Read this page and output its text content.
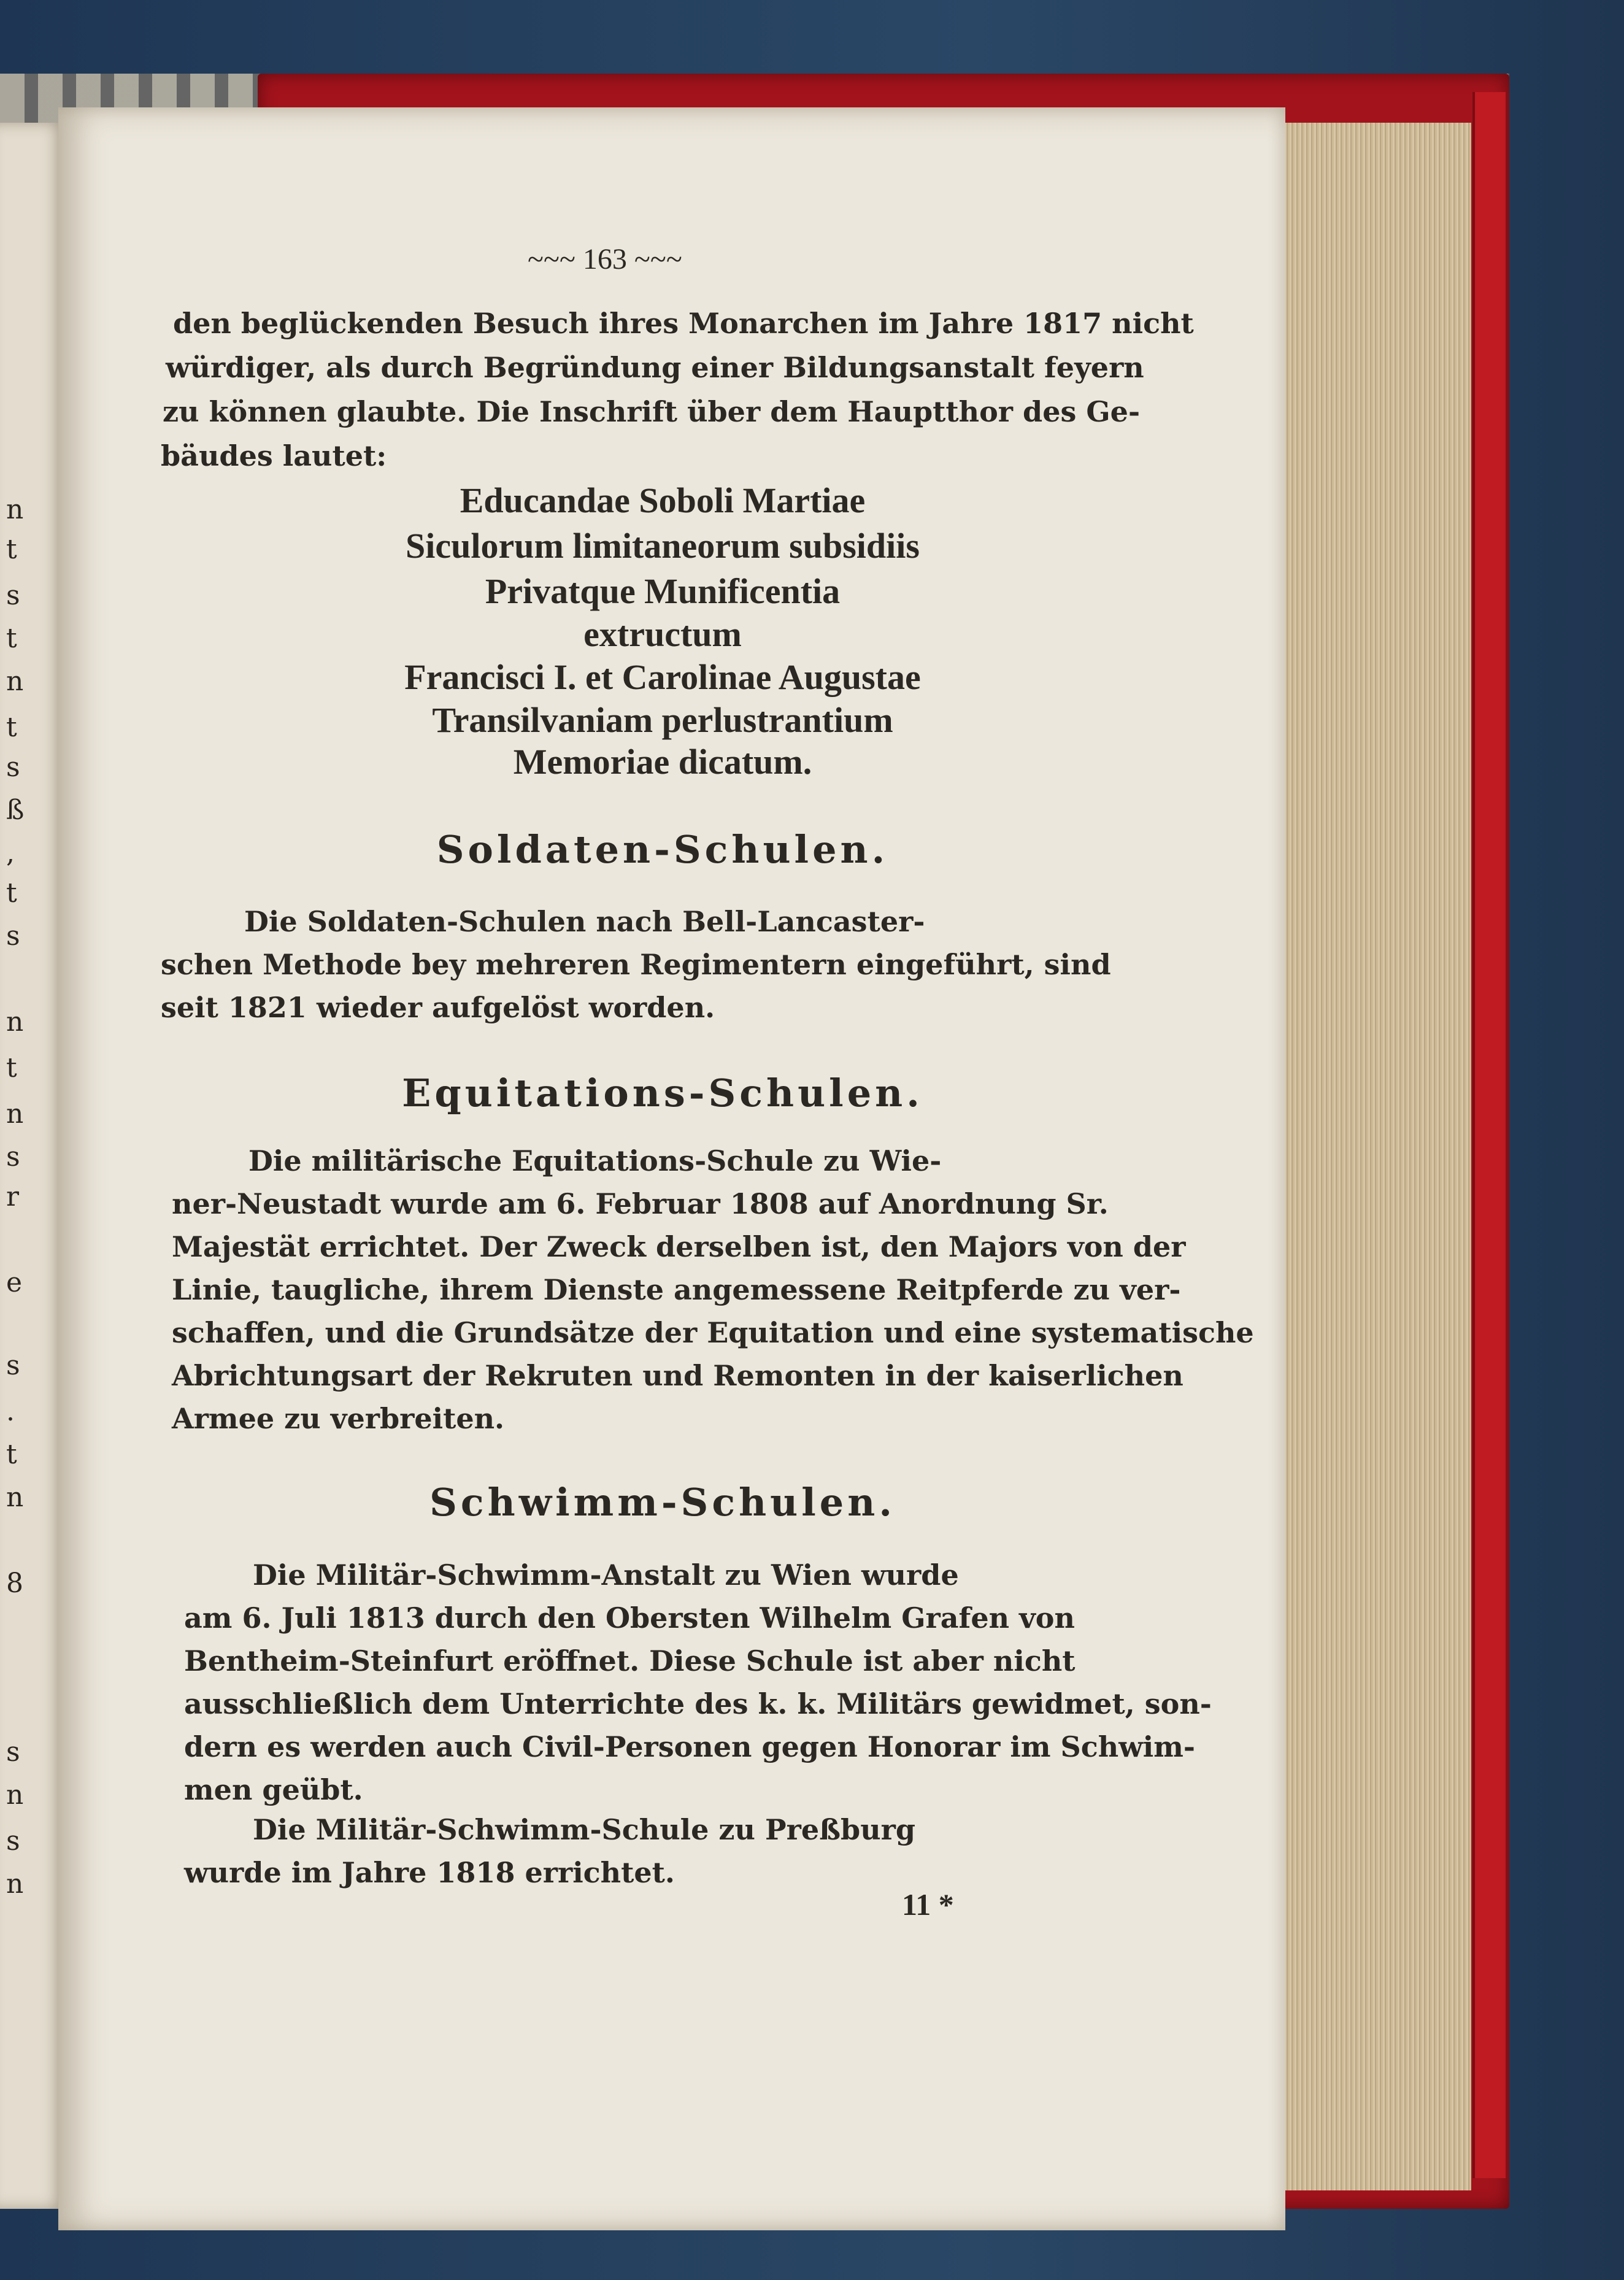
n
t
s
t
n
t
s
ß
,
t
s
n
t
n
s
r
e
s
.
t
n
8
s
n
s
n
~~~ 163 ~~~
den beglückenden Besuch ihres Monarchen im Jahre 1817 nicht
würdiger, als durch Begründung einer Bildungsanstalt feyern
zu können glaubte. Die Inschrift über dem Hauptthor des Ge-
bäudes lautet:
Educandae Soboli Martiae
Siculorum limitaneorum subsidiis
Privatque Munificentia
extructum
Francisci I. et Carolinae Augustae
Transilvaniam perlustrantium
Memoriae dicatum.
Soldaten-Schulen.
Die Soldaten-Schulen nach Bell-Lancaster-
schen Methode bey mehreren Regimentern eingeführt, sind
seit 1821 wieder aufgelöst worden.
Equitations-Schulen.
Die militärische Equitations-Schule zu Wie-
ner-Neustadt wurde am 6. Februar 1808 auf Anordnung Sr.
Majestät errichtet. Der Zweck derselben ist, den Majors von der
Linie, taugliche, ihrem Dienste angemessene Reitpferde zu ver-
schaffen, und die Grundsätze der Equitation und eine systematische
Abrichtungsart der Rekruten und Remonten in der kaiserlichen
Armee zu verbreiten.
Schwimm-Schulen.
Die Militär-Schwimm-Anstalt zu Wien wurde
am 6. Juli 1813 durch den Obersten Wilhelm Grafen von
Bentheim-Steinfurt eröffnet. Diese Schule ist aber nicht
ausschließlich dem Unterrichte des k. k. Militärs gewidmet, son-
dern es werden auch Civil-Personen gegen Honorar im Schwim-
men geübt.
Die Militär-Schwimm-Schule zu Preßburg
wurde im Jahre 1818 errichtet.
11 *
